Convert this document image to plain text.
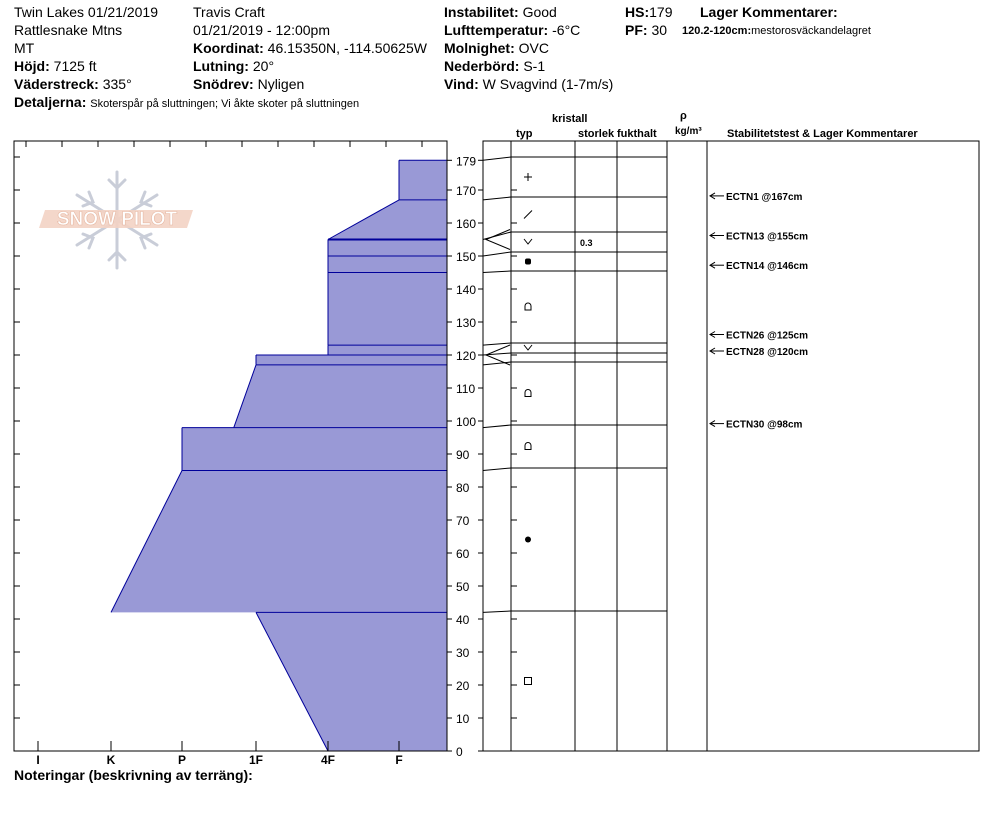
Twin Lakes 01/21/2019
Rattlesnake Mtns
MT
Höjd: 7125 ft
Väderstreck: 335°
Detaljerna: Skoterspår på sluttningen; Vi åkte skoter på sluttningen
Travis Craft
01/21/2019 - 12:00pm
Koordinat: 46.15350N, -114.50625W
Lutning: 20°
Snödrev: Nyligen
Instabilitet: Good
Lufttemperatur: -6°C
Molnighet: OVC
Nederbörd: S-1
Vind: W Svagvind (1-7m/s)
HS:179
PF: 30
Lager Kommentarer:
120.2-120cm:mestorosväckandelagret
kristall
typ	storlek fukthalt
ρ
kg/m³ Stabilitetstest & Lager Kommentarer
SNOW PILOT
I	K	P	1F	4F	F
0
10
20
30
40
50
60
70
80
90
100
110
120
130
140
150
160
170
179
0.3
ECTN1 @167cm
ECTN13 @155cm
ECTN14 @146cm
ECTN26 @125cm
ECTN28 @120cm
ECTN30 @98cm
Noteringar (beskrivning av terräng):
